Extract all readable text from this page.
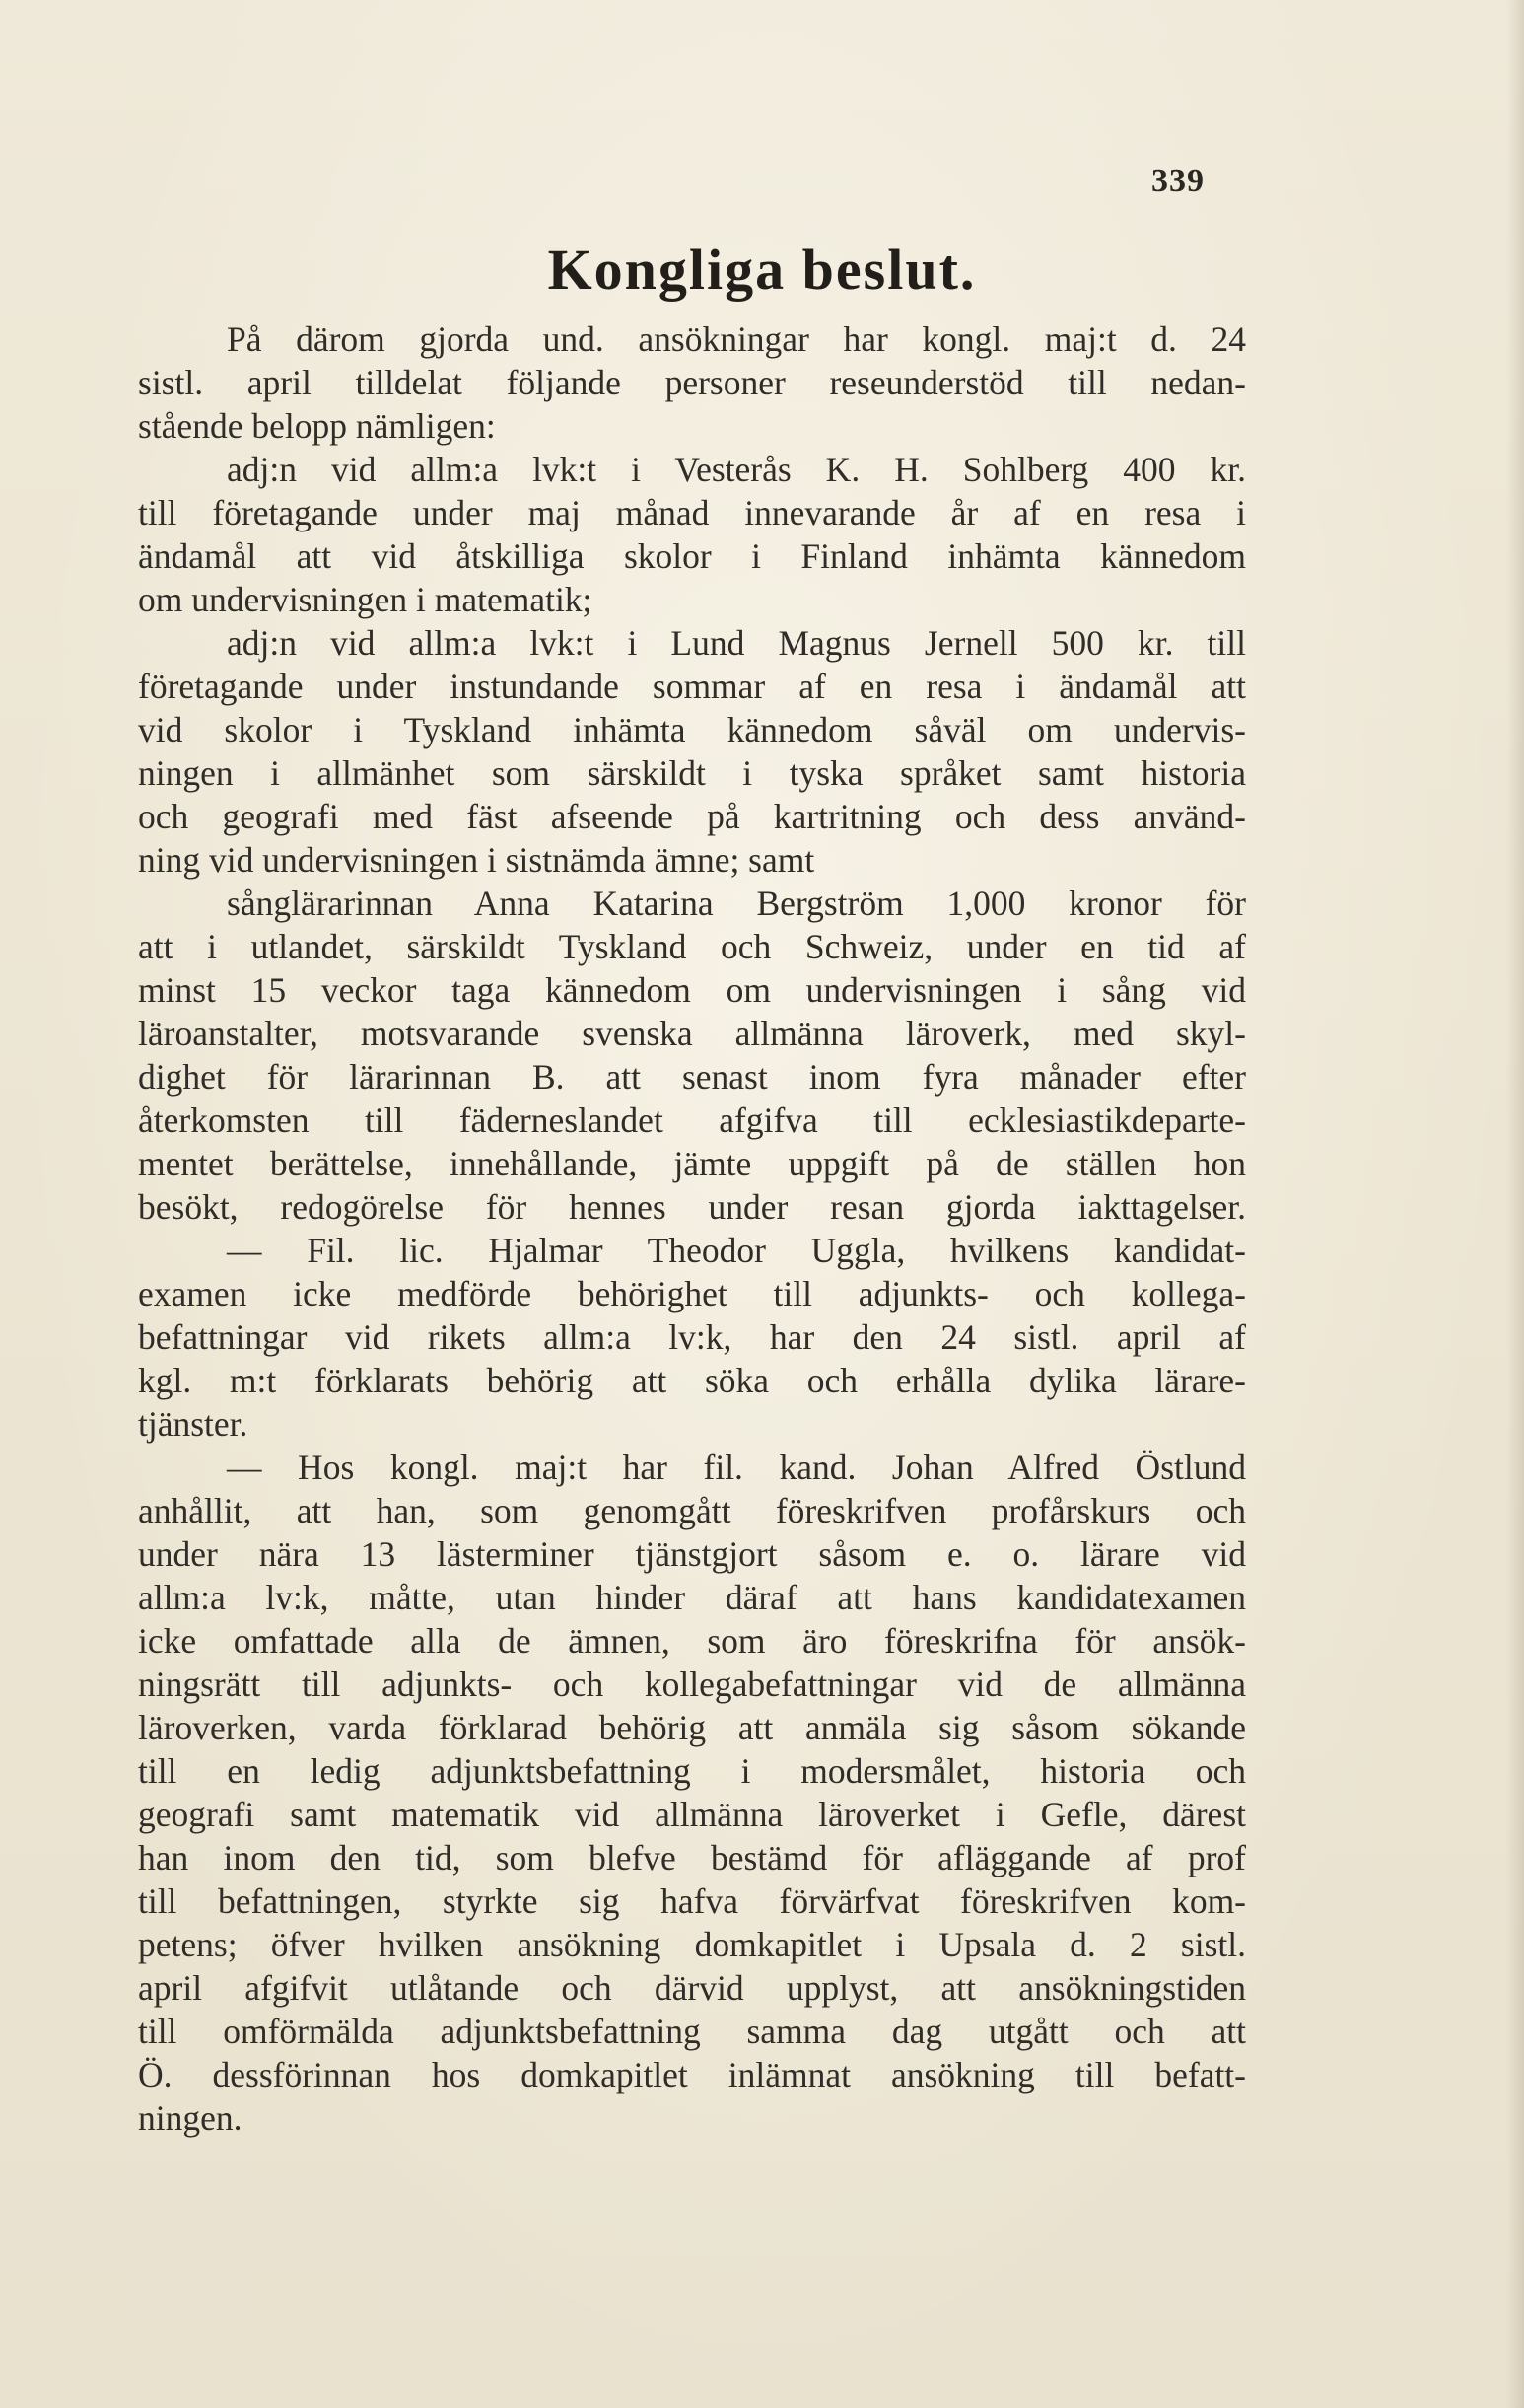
339
Kongliga beslut.
På därom gjorda und. ansökningar har kongl. maj:t d. 24
sistl. april tilldelat följande personer reseunderstöd till nedan-
stående belopp nämligen:
adj:n vid allm:a lvk:t i Vesterås K. H. Sohlberg 400 kr.
till företagande under maj månad innevarande år af en resa i
ändamål att vid åtskilliga skolor i Finland inhämta kännedom
om undervisningen i matematik;
adj:n vid allm:a lvk:t i Lund Magnus Jernell 500 kr. till
företagande under instundande sommar af en resa i ändamål att
vid skolor i Tyskland inhämta kännedom såväl om undervis-
ningen i allmänhet som särskildt i tyska språket samt historia
och geografi med fäst afseende på kartritning och dess använd-
ning vid undervisningen i sistnämda ämne; samt
sånglärarinnan Anna Katarina Bergström 1,000 kronor för
att i utlandet, särskildt Tyskland och Schweiz, under en tid af
minst 15 veckor taga kännedom om undervisningen i sång vid
läroanstalter, motsvarande svenska allmänna läroverk, med skyl-
dighet för lärarinnan B. att senast inom fyra månader efter
återkomsten till fäderneslandet afgifva till ecklesiastikdeparte-
mentet berättelse, innehållande, jämte uppgift på de ställen hon
besökt, redogörelse för hennes under resan gjorda iakttagelser.
— Fil. lic. Hjalmar Theodor Uggla, hvilkens kandidat-
examen icke medförde behörighet till adjunkts- och kollega-
befattningar vid rikets allm:a lv:k, har den 24 sistl. april af
kgl. m:t förklarats behörig att söka och erhålla dylika lärare-
tjänster.
— Hos kongl. maj:t har fil. kand. Johan Alfred Östlund
anhållit, att han, som genomgått föreskrifven profårskurs och
under nära 13 lästerminer tjänstgjort såsom e. o. lärare vid
allm:a lv:k, måtte, utan hinder däraf att hans kandidatexamen
icke omfattade alla de ämnen, som äro föreskrifna för ansök-
ningsrätt till adjunkts- och kollegabefattningar vid de allmänna
läroverken, varda förklarad behörig att anmäla sig såsom sökande
till en ledig adjunktsbefattning i modersmålet, historia och
geografi samt matematik vid allmänna läroverket i Gefle, därest
han inom den tid, som blefve bestämd för afläggande af prof
till befattningen, styrkte sig hafva förvärfvat föreskrifven kom-
petens; öfver hvilken ansökning domkapitlet i Upsala d. 2 sistl.
april afgifvit utlåtande och därvid upplyst, att ansökningstiden
till omförmälda adjunktsbefattning samma dag utgått och att
Ö. dessförinnan hos domkapitlet inlämnat ansökning till befatt-
ningen.
